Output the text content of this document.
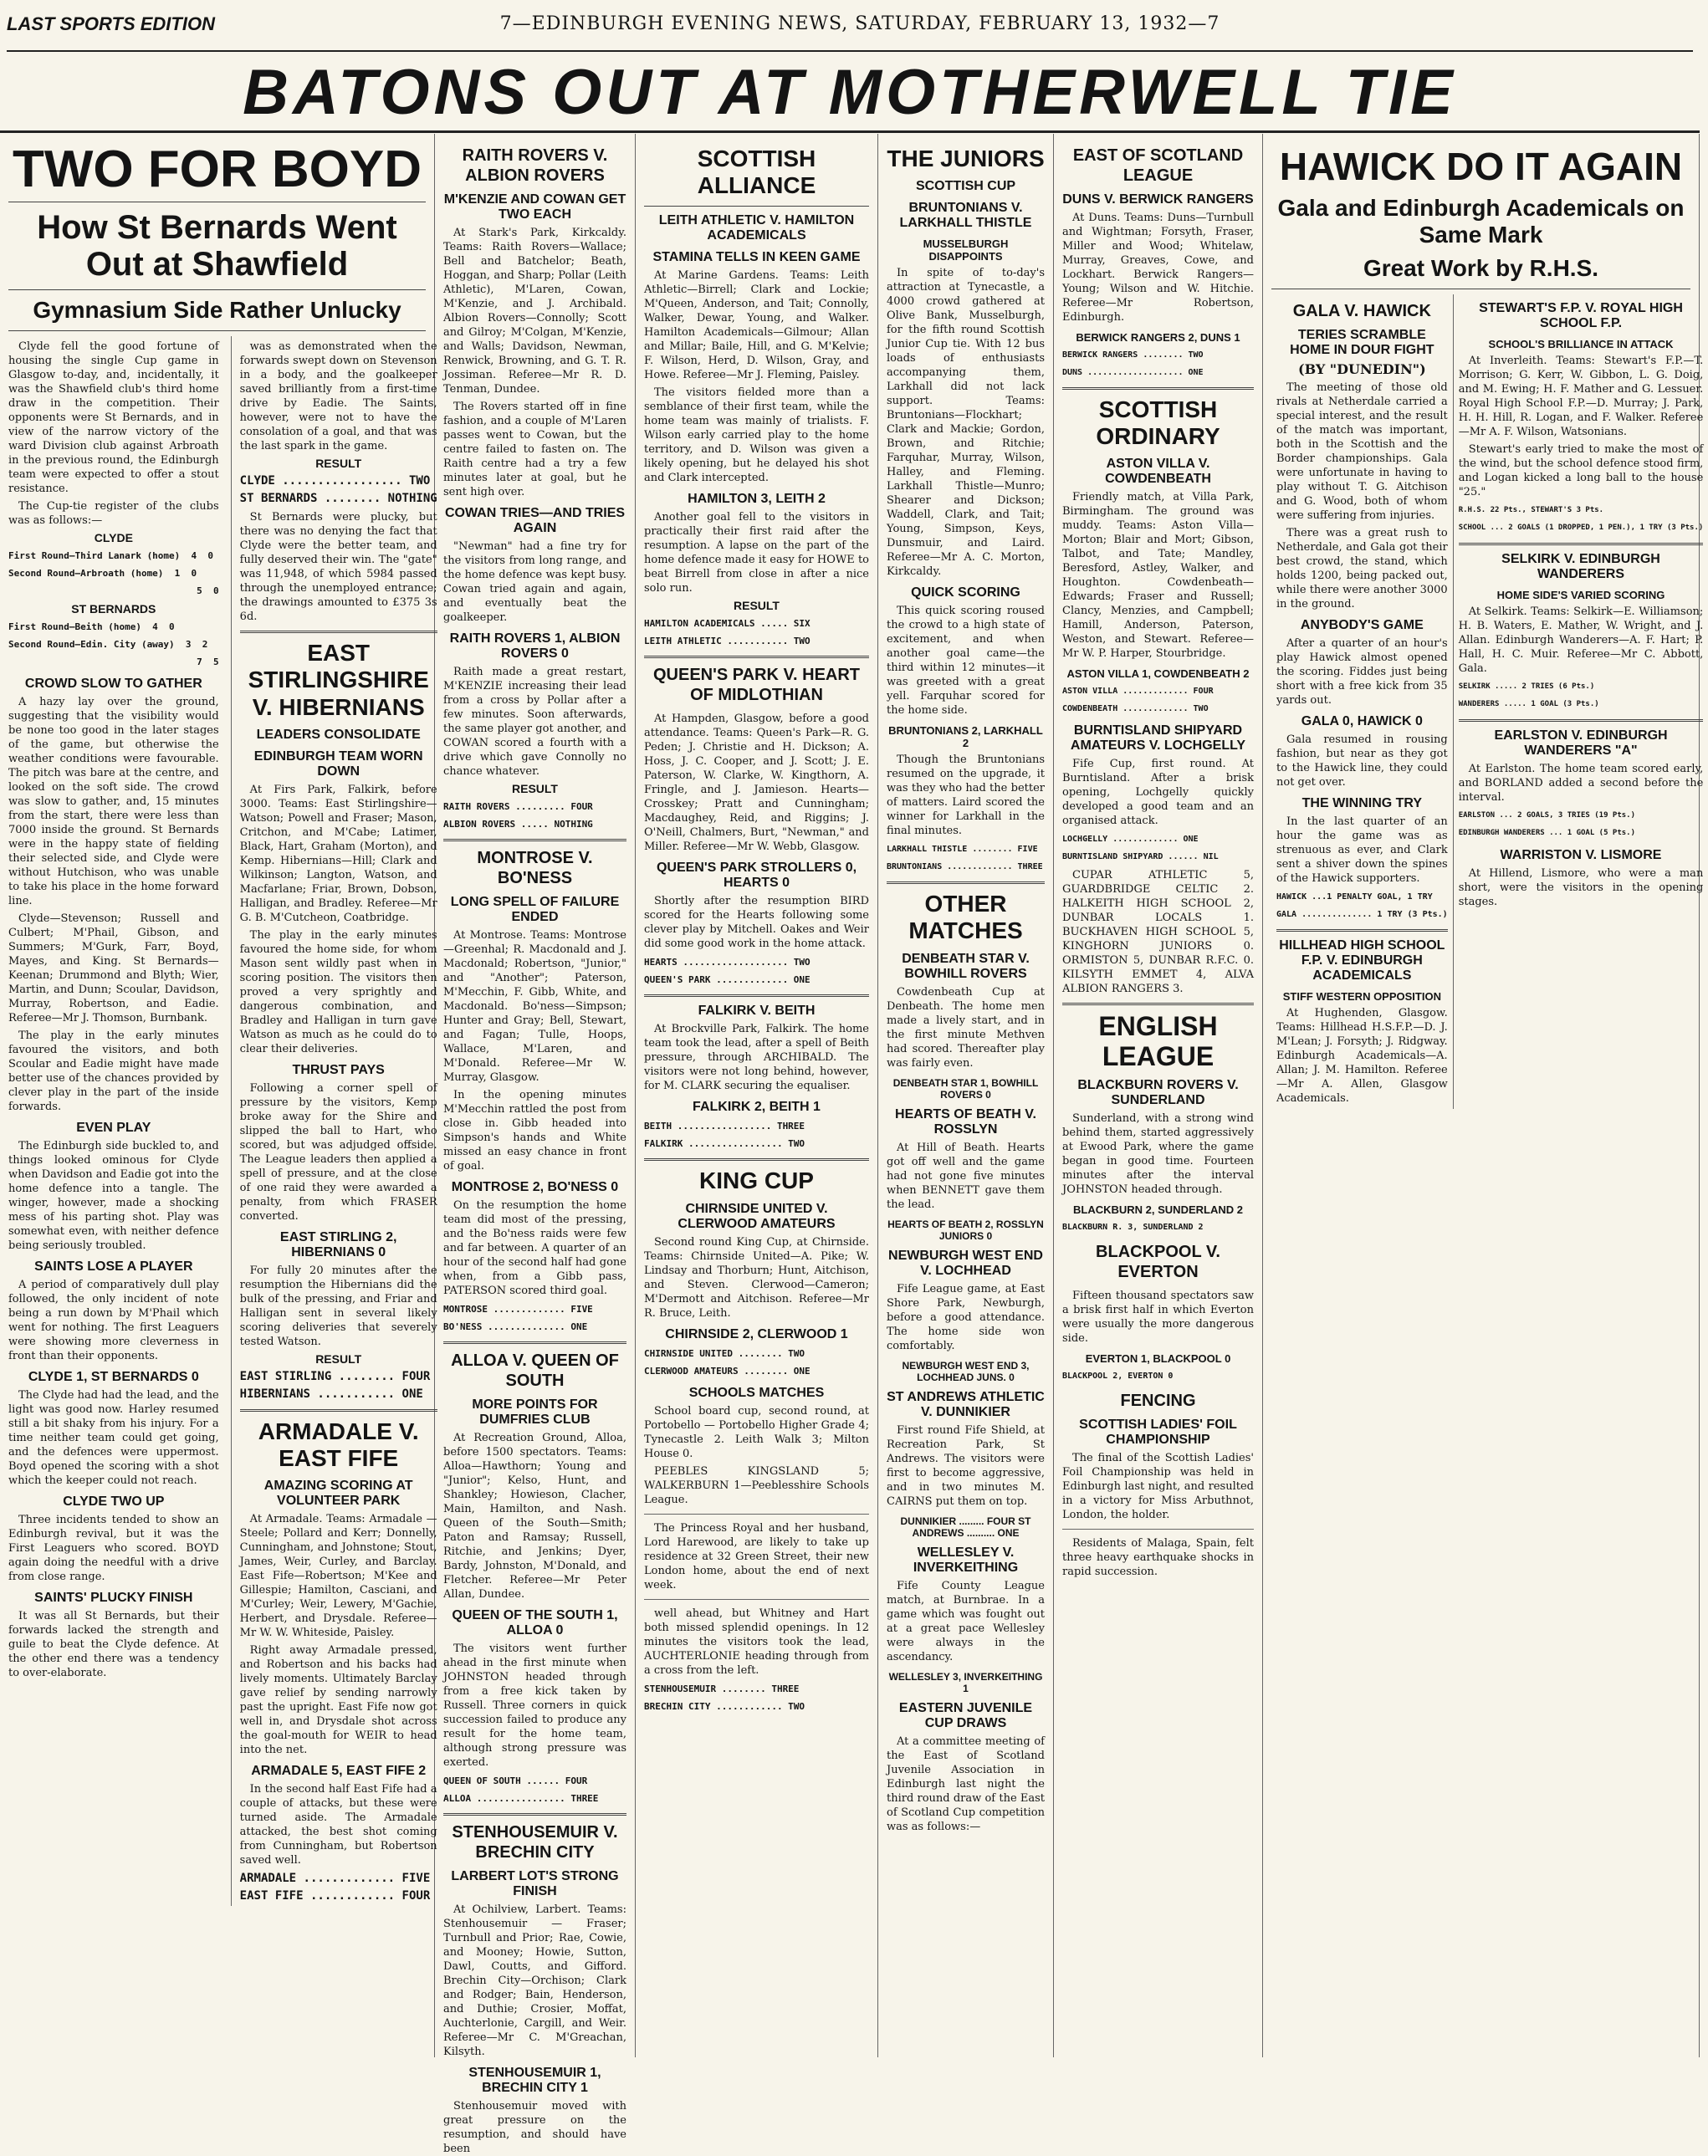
LAST SPORTS EDITION	7—EDINBURGH EVENING NEWS, SATURDAY, FEBRUARY 13, 1932—7
BATONS OUT AT MOTHERWELL TIE
TWO FOR BOYD
How St Bernards Went Out at Shawfield
Gymnasium Side Rather Unlucky

Clyde fell the good fortune of housing the single Cup game in Glasgow to-day, and, incidentally, it was the Shawfield club's third home draw in the competition. Their opponents were St Bernards, and in view of the narrow victory of the ward Division club against Arbroath in the previous round, the Edinburgh team were expected to offer a stout resistance.

The Cup-tie register of the clubs was as follows:—

CLYDE
First Round—Third Lanark (home)  4  0
Second Round—Arbroath (home)  1  0
5  0
ST BERNARDS
First Round—Beith (home)  4  0
Second Round—Edin. City (away)  3  2
7  5
CROWD SLOW TO GATHER

A hazy lay over the ground, suggesting that the visibility would be none too good in the later stages of the game, but otherwise the weather conditions were favourable. The pitch was bare at the centre, and looked on the soft side. The crowd was slow to gather, and, 15 minutes from the start, there were less than 7000 inside the ground. St Bernards were in the happy state of fielding their selected side, and Clyde were without Hutchison, who was unable to take his place in the home forward line.

Clyde—Stevenson; Russell and Culbert; M'Phail, Gibson, and Summers; M'Gurk, Farr, Boyd, Mayes, and King. St Bernards—Keenan; Drummond and Blyth; Wier, Martin, and Dunn; Scoular, Davidson, Murray, Robertson, and Eadie. Referee—Mr J. Thomson, Burnbank.

The play in the early minutes favoured the visitors, and both Scoular and Eadie might have made better use of the chances provided by clever play in the part of the inside forwards.

EVEN PLAY

The Edinburgh side buckled to, and things looked ominous for Clyde when Davidson and Eadie got into the home defence into a tangle. The winger, however, made a shocking mess of his parting shot. Play was somewhat even, with neither defence being seriously troubled.

SAINTS LOSE A PLAYER

A period of comparatively dull play followed, the only incident of note being a run down by M'Phail which went for nothing. The first Leaguers were showing more cleverness in front than their opponents.

CLYDE 1, ST BERNARDS 0

The Clyde had had the lead, and the light was good now. Harley resumed still a bit shaky from his injury. For a time neither team could get going, and the defences were uppermost. Boyd opened the scoring with a shot which the keeper could not reach.

CLYDE TWO UP

Three incidents tended to show an Edinburgh revival, but it was the First Leaguers who scored. BOYD again doing the needful with a drive from close range.

SAINTS' PLUCKY FINISH

It was all St Bernards, but their forwards lacked the strength and guile to beat the Clyde defence. At the other end there was a tendency to over-elaborate.

was as demonstrated when the forwards swept down on Stevenson in a body, and the goalkeeper saved brilliantly from a first-time drive by Eadie. The Saints, however, were not to have the consolation of a goal, and that was the last spark in the game.

RESULT
CLYDE ................. TWO
ST BERNARDS ........ NOTHING

St Bernards were plucky, but there was no denying the fact that Clyde were the better team, and fully deserved their win. The "gate" was 11,948, of which 5984 passed through the unemployed entrance; the drawings amounted to £375 3s 6d.

EAST STIRLINGSHIRE V. HIBERNIANS
LEADERS CONSOLIDATE
EDINBURGH TEAM WORN DOWN

At Firs Park, Falkirk, before 3000. Teams: East Stirlingshire—Watson; Powell and Fraser; Mason, Critchon, and M'Cabe; Latimer, Black, Hart, Graham (Morton), and Kemp. Hibernians—Hill; Clark and Wilkinson; Langton, Watson, and Macfarlane; Friar, Brown, Dobson, Halligan, and Bradley. Referee—Mr G. B. M'Cutcheon, Coatbridge.

The play in the early minutes favoured the home side, for whom Mason sent wildly past when in scoring position. The visitors then proved a very sprightly and dangerous combination, and Bradley and Halligan in turn gave Watson as much as he could do to clear their deliveries.

THRUST PAYS

Following a corner spell of pressure by the visitors, Kemp broke away for the Shire and slipped the ball to Hart, who scored, but was adjudged offside. The League leaders then applied a spell of pressure, and at the close of one raid they were awarded a penalty, from which FRASER converted.

EAST STIRLING 2, HIBERNIANS 0

For fully 20 minutes after the resumption the Hibernians did the bulk of the pressing, and Friar and Halligan sent in several likely scoring deliveries that severely tested Watson.

RESULT
EAST STIRLING ........ FOUR
HIBERNIANS ........... ONE
ARMADALE V. EAST FIFE
AMAZING SCORING AT VOLUNTEER PARK

At Armadale. Teams: Armadale — Steele; Pollard and Kerr; Donnelly, Cunningham, and Johnstone; Stout, James, Weir, Curley, and Barclay. East Fife—Robertson; M'Kee and Gillespie; Hamilton, Casciani, and M'Curley; Weir, Lewery, M'Gachie, Herbert, and Drysdale. Referee—Mr W. W. Whiteside, Paisley.

Right away Armadale pressed, and Robertson and his backs had lively moments. Ultimately Barclay gave relief by sending narrowly past the upright. East Fife now got well in, and Drysdale shot across the goal-mouth for WEIR to head into the net.

ARMADALE 5, EAST FIFE 2

In the second half East Fife had a couple of attacks, but these were turned aside. The Armadale attacked, the best shot coming from Cunningham, but Robertson saved well.

ARMADALE ............. FIVE
EAST FIFE ............ FOUR
RAITH ROVERS V. ALBION ROVERS
M'KENZIE AND COWAN GET TWO EACH

At Stark's Park, Kirkcaldy. Teams: Raith Rovers—Wallace; Bell and Batchelor; Beath, Hoggan, and Sharp; Pollar (Leith Athletic), M'Laren, Cowan, M'Kenzie, and J. Archibald. Albion Rovers—Connolly; Scott and Gilroy; M'Colgan, M'Kenzie, and Walls; Davidson, Newman, Renwick, Browning, and G. T. R. Jossiman. Referee—Mr R. D. Tenman, Dundee.

The Rovers started off in fine fashion, and a couple of M'Laren passes went to Cowan, but the centre failed to fasten on. The Raith centre had a try a few minutes later at goal, but he sent high over.

COWAN TRIES—AND TRIES AGAIN

"Newman" had a fine try for the visitors from long range, and the home defence was kept busy. Cowan tried again and again, and eventually beat the goalkeeper.

RAITH ROVERS 1, ALBION ROVERS 0

Raith made a great restart, M'KENZIE increasing their lead from a cross by Pollar after a few minutes. Soon afterwards, the same player got another, and COWAN scored a fourth with a drive which gave Connolly no chance whatever.

RESULT
RAITH ROVERS ......... FOUR
ALBION ROVERS ..... NOTHING
MONTROSE V. BO'NESS
LONG SPELL OF FAILURE ENDED

At Montrose. Teams: Montrose—Greenhal; R. Macdonald and J. Macdonald; Robertson, "Junior," and "Another"; Paterson, M'Mecchin, F. Gibb, White, and Macdonald. Bo'ness—Simpson; Hunter and Gray; Bell, Stewart, and Fagan; Tulle, Hoops, Wallace, M'Laren, and M'Donald. Referee—Mr W. Murray, Glasgow.

In the opening minutes M'Mecchin rattled the post from close in. Gibb headed into Simpson's hands and White missed an easy chance in front of goal.

MONTROSE 2, BO'NESS 0

On the resumption the home team did most of the pressing, and the Bo'ness raids were few and far between. A quarter of an hour of the second half had gone when, from a Gibb pass, PATERSON scored third goal.

MONTROSE ............. FIVE
BO'NESS .............. ONE
ALLOA V. QUEEN OF SOUTH
MORE POINTS FOR DUMFRIES CLUB

At Recreation Ground, Alloa, before 1500 spectators. Teams: Alloa—Hawthorn; Young and "Junior"; Kelso, Hunt, and Shankley; Howieson, Clacher, Main, Hamilton, and Nash. Queen of the South—Smith; Paton and Ramsay; Russell, Ritchie, and Jenkins; Dyer, Bardy, Johnston, M'Donald, and Fletcher. Referee—Mr Peter Allan, Dundee.

QUEEN OF THE SOUTH 1, ALLOA 0

The visitors went further ahead in the first minute when JOHNSTON headed through from a free kick taken by Russell. Three corners in quick succession failed to produce any result for the home team, although strong pressure was exerted.

QUEEN OF SOUTH ...... FOUR
ALLOA ................ THREE
STENHOUSEMUIR V. BRECHIN CITY
LARBERT LOT'S STRONG FINISH

At Ochilview, Larbert. Teams: Stenhousemuir — Fraser; Turnbull and Prior; Rae, Cowie, and Mooney; Howie, Sutton, Dawl, Coutts, and Gifford. Brechin City—Orchison; Clark and Rodger; Bain, Henderson, and Duthie; Crosier, Moffat, Auchterlonie, Cargill, and Weir. Referee—Mr C. M'Greachan, Kilsyth.

STENHOUSEMUIR 1, BRECHIN CITY 1

Stenhousemuir moved with great pressure on the resumption, and should have been

SCOTTISH ALLIANCE
LEITH ATHLETIC V. HAMILTON ACADEMICALS
STAMINA TELLS IN KEEN GAME

At Marine Gardens. Teams: Leith Athletic—Birrell; Clark and Lockie; M'Queen, Anderson, and Tait; Connolly, Walker, Dewar, Young, and Walker. Hamilton Academicals—Gilmour; Allan and Millar; Baile, Hill, and G. M'Kelvie; F. Wilson, Herd, D. Wilson, Gray, and Howe. Referee—Mr J. Fleming, Paisley.

The visitors fielded more than a semblance of their first team, while the home team was mainly of trialists. F. Wilson early carried play to the home territory, and D. Wilson was given a likely opening, but he delayed his shot and Clark intercepted.

HAMILTON 3, LEITH 2

Another goal fell to the visitors in practically their first raid after the resumption. A lapse on the part of the home defence made it easy for HOWE to beat Birrell from close in after a nice solo run.

RESULT
HAMILTON ACADEMICALS ..... SIX
LEITH ATHLETIC ........... TWO
QUEEN'S PARK V. HEART OF MIDLOTHIAN

At Hampden, Glasgow, before a good attendance. Teams: Queen's Park—R. G. Peden; J. Christie and H. Dickson; A. Hoss, J. C. Cooper, and J. Scott; J. E. Paterson, W. Clarke, W. Kingthorn, A. Fringle, and J. Jamieson. Hearts—Crosskey; Pratt and Cunningham; Macdaughey, Reid, and Riggins; J. O'Neill, Chalmers, Burt, "Newman," and Miller. Referee—Mr W. Webb, Glasgow.

QUEEN'S PARK STROLLERS 0, HEARTS 0

Shortly after the resumption BIRD scored for the Hearts following some clever play by Mitchell. Oakes and Weir did some good work in the home attack.

HEARTS ................... TWO
QUEEN'S PARK ............. ONE
FALKIRK V. BEITH

At Brockville Park, Falkirk. The home team took the lead, after a spell of Beith pressure, through ARCHIBALD. The visitors were not long behind, however, for M. CLARK securing the equaliser.

FALKIRK 2, BEITH 1
BEITH ................. THREE
FALKIRK ................. TWO
KING CUP
CHIRNSIDE UNITED V. CLERWOOD AMATEURS

Second round King Cup, at Chirnside. Teams: Chirnside United—A. Pike; W. Lindsay and Thorburn; Hunt, Aitchison, and Steven. Clerwood—Cameron; M'Dermott and Aitchison. Referee—Mr R. Bruce, Leith.

CHIRNSIDE 2, CLERWOOD 1
CHIRNSIDE UNITED ........ TWO
CLERWOOD AMATEURS ........ ONE
SCHOOLS MATCHES

School board cup, second round, at Portobello — Portobello Higher Grade 4; Tynecastle 2. Leith Walk 3; Milton House 0.

PEEBLES KINGSLAND 5; WALKERBURN 1—Peeblesshire Schools League.

The Princess Royal and her husband, Lord Harewood, are likely to take up residence at 32 Green Street, their new London home, about the end of next week.

well ahead, but Whitney and Hart both missed splendid openings. In 12 minutes the visitors took the lead, AUCHTERLONIE heading through from a cross from the left.

STENHOUSEMUIR ........ THREE
BRECHIN CITY ............ TWO
THE JUNIORS
SCOTTISH CUP
BRUNTONIANS V. LARKHALL THISTLE
MUSSELBURGH DISAPPOINTS

In spite of to-day's attraction at Tynecastle, a 4000 crowd gathered at Olive Bank, Musselburgh, for the fifth round Scottish Junior Cup tie. With 12 bus loads of enthusiasts accompanying them, Larkhall did not lack support. Teams: Bruntonians—Flockhart; Clark and Mackie; Gordon, Brown, and Ritchie; Farquhar, Murray, Wilson, Halley, and Fleming. Larkhall Thistle—Munro; Shearer and Dickson; Waddell, Clark, and Tait; Young, Simpson, Keys, Dunsmuir, and Laird. Referee—Mr A. C. Morton, Kirkcaldy.

QUICK SCORING

This quick scoring roused the crowd to a high state of excitement, and when another goal came—the third within 12 minutes—it was greeted with a great yell. Farquhar scored for the home side.

BRUNTONIANS 2, LARKHALL 2

Though the Bruntonians resumed on the upgrade, it was they who had the better of matters. Laird scored the winner for Larkhall in the final minutes.

LARKHALL THISTLE ........ FIVE
BRUNTONIANS ............. THREE
OTHER MATCHES
DENBEATH STAR V. BOWHILL ROVERS

Cowdenbeath Cup at Denbeath. The home men made a lively start, and in the first minute Methven had scored. Thereafter play was fairly even.

DENBEATH STAR 1, BOWHILL ROVERS 0
HEARTS OF BEATH V. ROSSLYN

At Hill of Beath. Hearts got off well and the game had not gone five minutes when BENNETT gave them the lead.

HEARTS OF BEATH 2, ROSSLYN JUNIORS 0
NEWBURGH WEST END V. LOCHHEAD

Fife League game, at East Shore Park, Newburgh, before a good attendance. The home side won comfortably.

NEWBURGH WEST END 3, LOCHHEAD JUNS. 0
ST ANDREWS ATHLETIC V. DUNNIKIER

First round Fife Shield, at Recreation Park, St Andrews. The visitors were first to become aggressive, and in two minutes M. CAIRNS put them on top.

DUNNIKIER ......... FOUR ST ANDREWS .......... ONE
WELLESLEY V. INVERKEITHING

Fife County League match, at Burnbrae. In a game which was fought out at a great pace Wellesley were always in the ascendancy.

WELLESLEY 3, INVERKEITHING 1
EASTERN JUVENILE CUP DRAWS

At a committee meeting of the East of Scotland Juvenile Association in Edinburgh last night the third round draw of the East of Scotland Cup competition was as follows:—

EAST OF SCOTLAND LEAGUE
DUNS V. BERWICK RANGERS

At Duns. Teams: Duns—Turnbull and Wightman; Forsyth, Fraser, Miller and Wood; Whitelaw, Murray, Greaves, Cowe, and Lockhart. Berwick Rangers—Young; Wilson and W. Hitchie. Referee—Mr Robertson, Edinburgh.

BERWICK RANGERS 2, DUNS 1
BERWICK RANGERS ........ TWO
DUNS ................... ONE
SCOTTISH ORDINARY
ASTON VILLA V. COWDENBEATH

Friendly match, at Villa Park, Birmingham. The ground was muddy. Teams: Aston Villa—Morton; Blair and Mort; Gibson, Talbot, and Tate; Mandley, Beresford, Astley, Walker, and Houghton. Cowdenbeath—Edwards; Fraser and Russell; Clancy, Menzies, and Campbell; Hamill, Anderson, Paterson, Weston, and Stewart. Referee—Mr W. P. Harper, Stourbridge.

ASTON VILLA 1, COWDENBEATH 2
ASTON VILLA ............. FOUR
COWDENBEATH ............. TWO
BURNTISLAND SHIPYARD AMATEURS V. LOCHGELLY

Fife Cup, first round. At Burntisland. After a brisk opening, Lochgelly quickly developed a good team and an organised attack.

LOCHGELLY ............. ONE
BURNTISLAND SHIPYARD ...... NIL

CUPAR ATHLETIC 5, GUARDBRIDGE CELTIC 2. HALKEITH HIGH SCHOOL 2, DUNBAR LOCALS 1. BUCKHAVEN HIGH SCHOOL 5, KINGHORN JUNIORS 0. ORMISTON 5, DUNBAR R.F.C. 0. KILSYTH EMMET 4, ALVA ALBION RANGERS 3.

ENGLISH LEAGUE
BLACKBURN ROVERS V. SUNDERLAND

Sunderland, with a strong wind behind them, started aggressively at Ewood Park, where the game began in good time. Fourteen minutes after the interval JOHNSTON headed through.

BLACKBURN 2, SUNDERLAND 2
BLACKBURN R. 3, SUNDERLAND 2
BLACKPOOL V. EVERTON

Fifteen thousand spectators saw a brisk first half in which Everton were usually the more dangerous side.

EVERTON 1, BLACKPOOL 0
BLACKPOOL 2, EVERTON 0
FENCING
SCOTTISH LADIES' FOIL CHAMPIONSHIP

The final of the Scottish Ladies' Foil Championship was held in Edinburgh last night, and resulted in a victory for Miss Arbuthnot, London, the holder.

Residents of Malaga, Spain, felt three heavy earthquake shocks in rapid succession.

HAWICK DO IT AGAIN
Gala and Edinburgh Academicals on Same Mark
Great Work by R.H.S.
GALA V. HAWICK
TERIES SCRAMBLE HOME IN DOUR FIGHT
(BY "DUNEDIN")

The meeting of those old rivals at Netherdale carried a special interest, and the result of the match was important, both in the Scottish and the Border championships. Gala were unfortunate in having to play without T. G. Aitchison and G. Wood, both of whom were suffering from injuries.

There was a great rush to Netherdale, and Gala got their best crowd, the stand, which holds 1200, being packed out, while there were another 3000 in the ground.

ANYBODY'S GAME

After a quarter of an hour's play Hawick almost opened the scoring. Fiddes just being short with a free kick from 35 yards out.

GALA 0, HAWICK 0

Gala resumed in rousing fashion, but near as they got to the Hawick line, they could not get over.

THE WINNING TRY

In the last quarter of an hour the game was as strenuous as ever, and Clark sent a shiver down the spines of the Hawick supporters.

HAWICK ...1 PENALTY GOAL, 1 TRY
GALA .............. 1 TRY (3 Pts.)
HILLHEAD HIGH SCHOOL F.P. V. EDINBURGH ACADEMICALS
STIFF WESTERN OPPOSITION

At Hughenden, Glasgow. Teams: Hillhead H.S.F.P.—D. J. M'Lean; J. Forsyth; J. Ridgway. Edinburgh Academicals—A. Allan; J. M. Hamilton. Referee—Mr A. Allen, Glasgow Academicals.

STEWART'S F.P. V. ROYAL HIGH SCHOOL F.P.
SCHOOL'S BRILLIANCE IN ATTACK

At Inverleith. Teams: Stewart's F.P.—T. Morrison; G. Kerr, W. Gibbon, L. G. Doig, and M. Ewing; H. F. Mather and G. Lessuer. Royal High School F.P.—D. Murray; J. Park, H. H. Hill, R. Logan, and F. Walker. Referee—Mr A. F. Wilson, Watsonians.

Stewart's early tried to make the most of the wind, but the school defence stood firm, and Logan kicked a long ball to the house "25."

R.H.S. 22 Pts., STEWART'S 3 Pts.
SCHOOL ... 2 GOALS (1 DROPPED, 1 PEN.), 1 TRY (3 Pts.)
SELKIRK V. EDINBURGH WANDERERS
HOME SIDE'S VARIED SCORING

At Selkirk. Teams: Selkirk—E. Williamson; H. B. Waters, E. Mather, W. Wright, and J. Allan. Edinburgh Wanderers—A. F. Hart; P. Hall, H. C. Muir. Referee—Mr C. Abbott, Gala.

SELKIRK ..... 2 TRIES (6 Pts.)
WANDERERS ..... 1 GOAL (3 Pts.)
EARLSTON V. EDINBURGH WANDERERS "A"

At Earlston. The home team scored early, and BORLAND added a second before the interval.

EARLSTON ... 2 GOALS, 3 TRIES (19 Pts.)
EDINBURGH WANDERERS ... 1 GOAL (5 Pts.)
WARRISTON V. LISMORE

At Hillend, Lismore, who were a man short, were the visitors in the opening stages.
